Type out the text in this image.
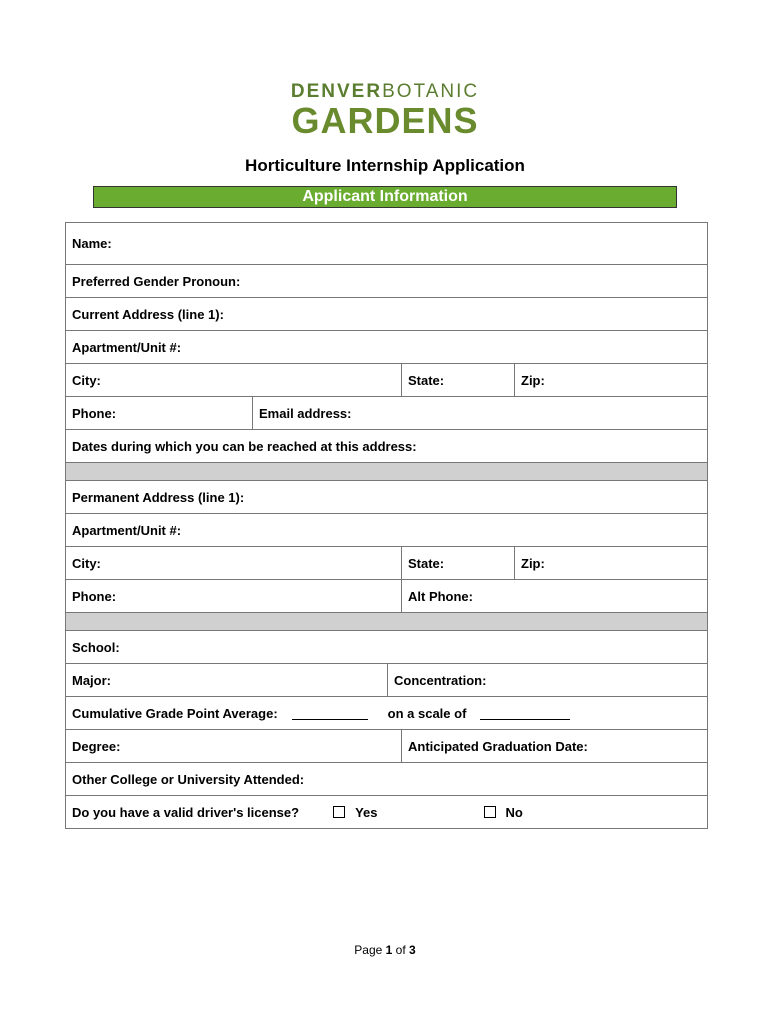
DENVERBOTANIC
GARDENS
Horticulture Internship Application
Applicant Information
Name:
Preferred Gender Pronoun:
Current Address (line 1):
Apartment/Unit #:
City:	State:	Zip:
Phone:	Email address:
Dates during which you can be reached at this address:
Permanent Address (line 1):
Apartment/Unit #:
City:	State:	Zip:
Phone:	Alt Phone:
School:
Major:	Concentration:
Cumulative Grade Point Average:	on a scale of
Degree:	Anticipated Graduation Date:
Other College or University Attended:
Do you have a valid driver's license?	Yes	No
Page 1 of 3
